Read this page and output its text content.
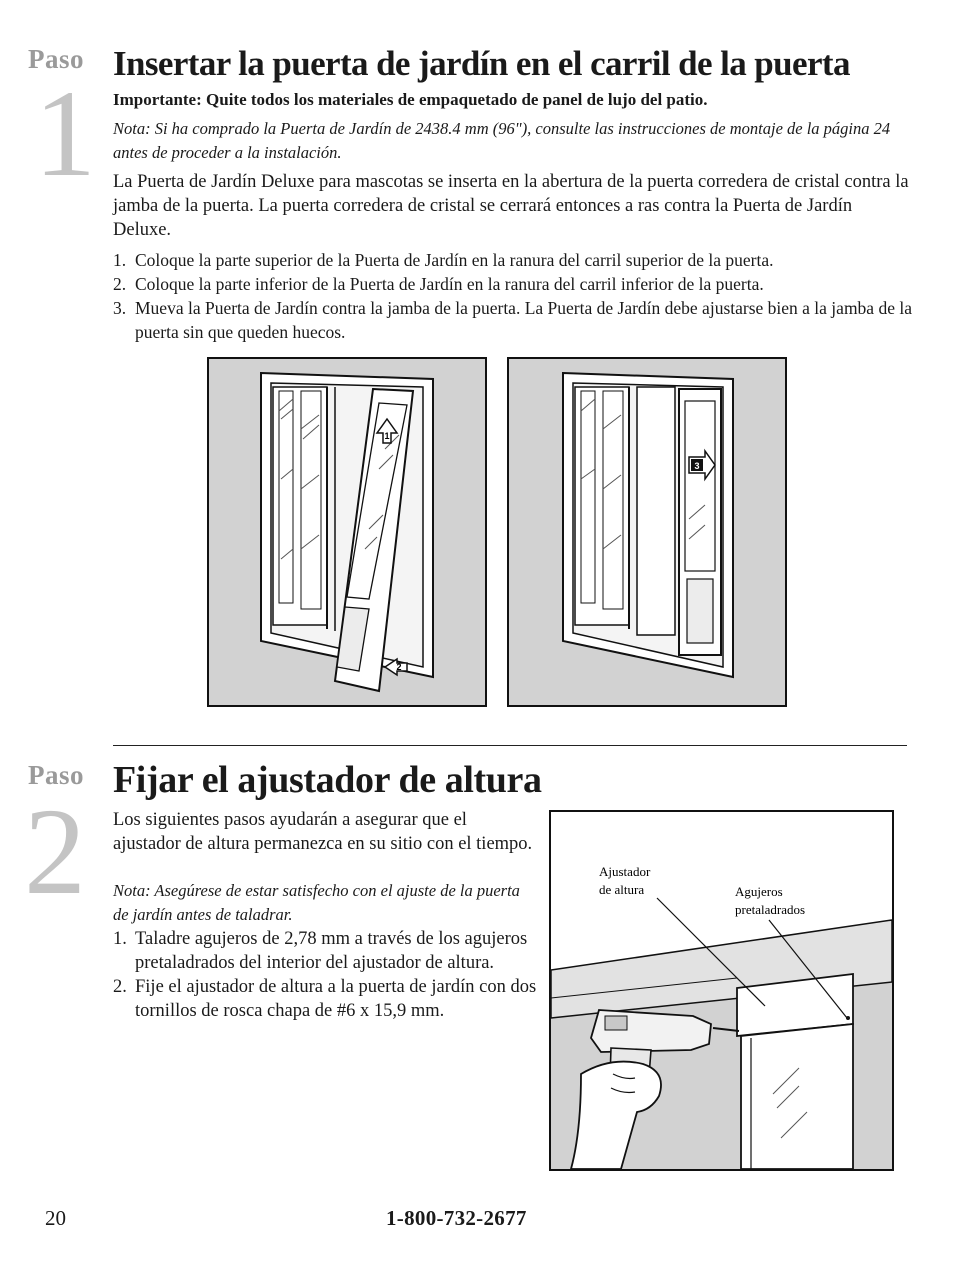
Paso
1
Insertar la puerta de jardín en el carril de la puerta
Importante: Quite todos los materiales de empaquetado de panel de lujo del patio.
Nota: Si ha comprado la Puerta de Jardín de 2438.4 mm (96"), consulte las instrucciones de montaje de la página 24 antes de proceder a la instalación.
La Puerta de Jardín Deluxe para mascotas se inserta en la abertura de la puerta corredera de cristal contra la jamba de la puerta. La puerta corredera de cristal se cerrará entonces a ras contra la Puerta de Jardín Deluxe.
1. Coloque la parte superior de la Puerta de Jardín en la ranura del carril superior de la puerta.
2. Coloque la parte inferior de la Puerta de Jardín en la ranura del carril inferior de la puerta.
3. Mueva la Puerta de Jardín contra la jamba de la puerta. La Puerta de Jardín debe ajustarse bien a la jamba de la puerta sin que queden huecos.
1
2
3
Paso
2
Fijar el ajustador de altura
Los siguientes pasos ayudarán a asegurar que el ajustador de altura permanezca en su sitio con el tiempo.
Nota: Asegúrese de estar satisfecho con el ajuste de la puerta de jardín antes de taladrar.
1. Taladre agujeros de 2,78 mm a través de los agujeros pretaladrados del interior del ajustador de altura.
2. Fije el ajustador de altura a la puerta de jardín con dos tornillos de rosca chapa de #6 x 15,9 mm.
Ajustador
de altura	Agujeros
pretaladrados
20	1-800-732-2677
